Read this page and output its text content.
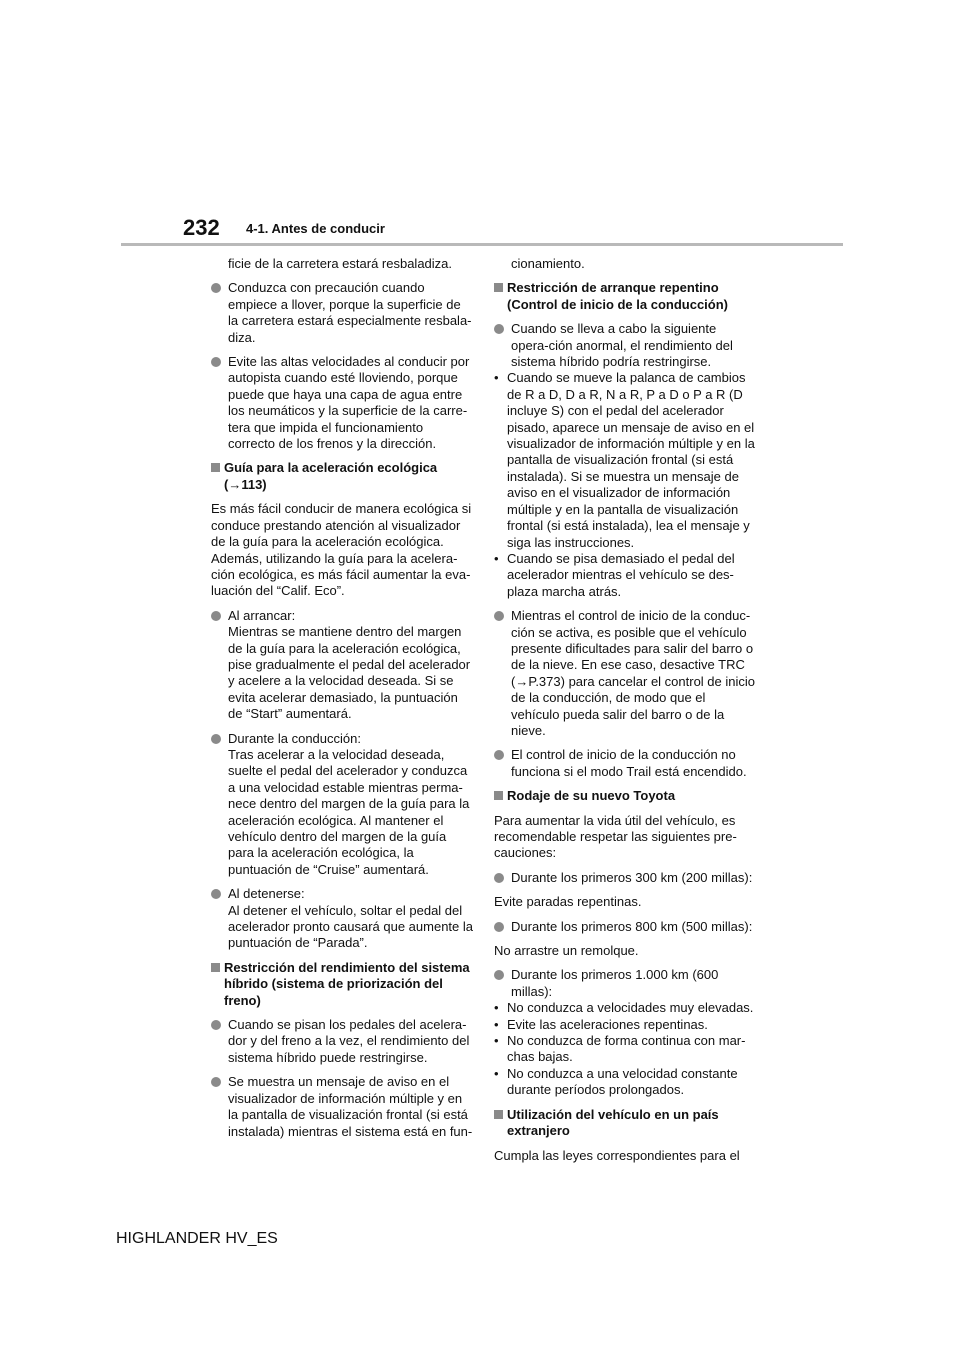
232 4-1. Antes de conducir

ficie de la carretera estará resbaladiza.

Conduzca con precaución cuando empiece a llover, porque la superficie de la carretera estará especialmente resbala-diza.
Evite las altas velocidades al conducir por autopista cuando esté lloviendo, porque puede que haya una capa de agua entre los neumáticos y la superficie de la carre-tera que impida el funcionamiento correcto de los frenos y la dirección.
Guía para la aceleración ecológica (→113)

Es más fácil conducir de manera ecológica si conduce prestando atención al visualizador de la guía para la aceleración ecológica. Además, utilizando la guía para la acelera-ción ecológica, es más fácil aumentar la eva-luación del “Calif. Eco”.

Al arrancar:
Mientras se mantiene dentro del margen de la guía para la aceleración ecológica, pise gradualmente el pedal del acelerador y acelere a la velocidad deseada. Si se evita acelerar demasiado, la puntuación de “Start” aumentará.
Durante la conducción:
Tras acelerar a la velocidad deseada, suelte el pedal del acelerador y conduzca a una velocidad estable mientras perma-nece dentro del margen de la guía para la aceleración ecológica. Al mantener el vehículo dentro del margen de la guía para la aceleración ecológica, la puntuación de “Cruise” aumentará.
Al detenerse:
Al detener el vehículo, soltar el pedal del acelerador pronto causará que aumente la puntuación de “Parada”.
Restricción del rendimiento del sistema híbrido (sistema de priorización del freno)
Cuando se pisan los pedales del acelera-dor y del freno a la vez, el rendimiento del sistema híbrido puede restringirse.
Se muestra un mensaje de aviso en el visualizador de información múltiple y en la pantalla de visualización frontal (si está instalada) mientras el sistema está en fun-

cionamiento.

Restricción de arranque repentino (Control de inicio de la conducción)
Cuando se lleva a cabo la siguiente opera-ción anormal, el rendimiento del sistema híbrido podría restringirse.
• Cuando se mueve la palanca de cambios de R a D, D a R, N a R, P a D o P a R (D incluye S) con el pedal del acelerador pisado, aparece un mensaje de aviso en el visualizador de información múltiple y en la pantalla de visualización frontal (si está instalada). Si se muestra un mensaje de aviso en el visualizador de información múltiple y en la pantalla de visualización frontal (si está instalada), lea el mensaje y siga las instrucciones.
• Cuando se pisa demasiado el pedal del acelerador mientras el vehículo se des-plaza marcha atrás.
Mientras el control de inicio de la conduc-ción se activa, es posible que el vehículo presente dificultades para salir del barro o de la nieve. En ese caso, desactive TRC (→P.373) para cancelar el control de inicio de la conducción, de modo que el vehículo pueda salir del barro o de la nieve.
El control de inicio de la conducción no funciona si el modo Trail está encendido.
Rodaje de su nuevo Toyota

Para aumentar la vida útil del vehículo, es recomendable respetar las siguientes pre-cauciones:

Durante los primeros 300 km (200 millas):

Evite paradas repentinas.

Durante los primeros 800 km (500 millas):

No arrastre un remolque.

Durante los primeros 1.000 km (600 millas):
• No conduzca a velocidades muy elevadas.
• Evite las aceleraciones repentinas.
• No conduzca de forma continua con mar-chas bajas.
• No conduzca a una velocidad constante durante períodos prolongados.
Utilización del vehículo en un país extranjero

Cumpla las leyes correspondientes para el

HIGHLANDER HV_ES
